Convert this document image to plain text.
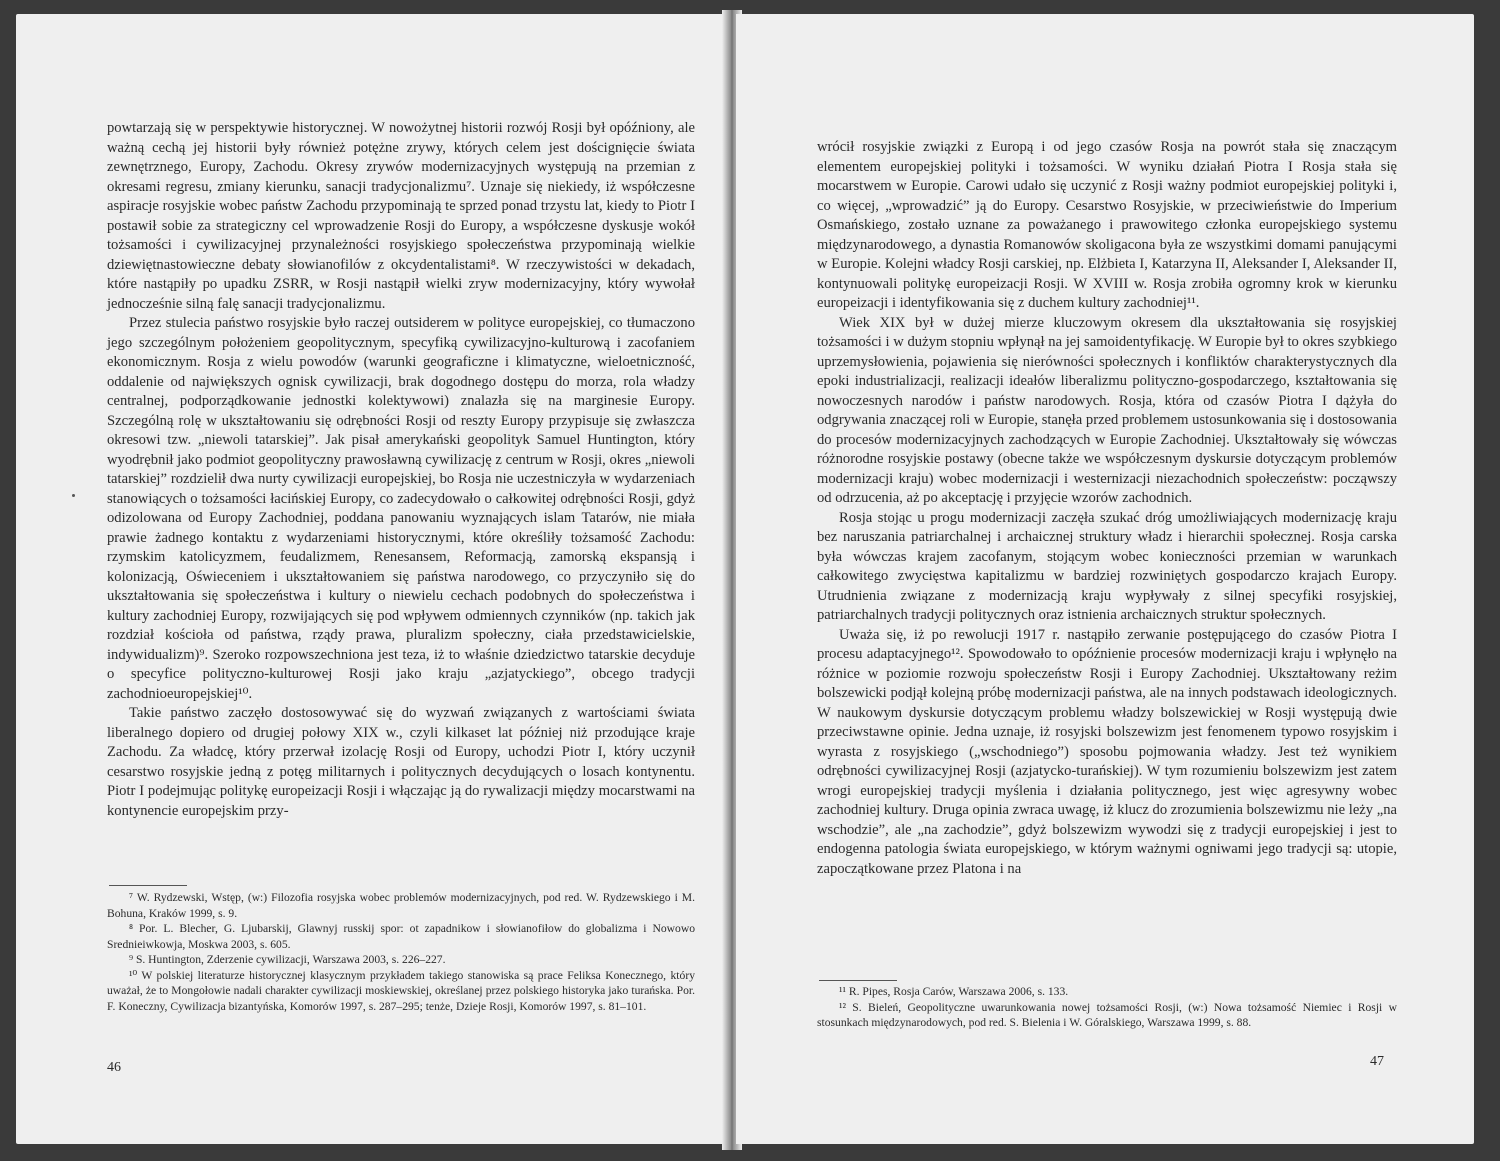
powtarzają się w perspektywie historycznej. W nowożytnej historii rozwój Rosji był opóźniony, ale ważną cechą jej historii były również potężne zrywy, których celem jest doścignięcie świata zewnętrznego, Europy, Zachodu. Okresy zrywów modernizacyjnych występują na przemian z okresami regresu, zmiany kierunku, sanacji tradycjonalizmu⁷. Uznaje się niekiedy, iż współczesne aspiracje rosyjskie wobec państw Zachodu przypominają te sprzed ponad trzystu lat, kiedy to Piotr I postawił sobie za strategiczny cel wprowadzenie Rosji do Europy, a współczesne dyskusje wokół tożsamości i cywilizacyjnej przynależności rosyjskiego społeczeństwa przypominają wielkie dziewiętnastowieczne debaty słowianofilów z okcydentalistami⁸. W rzeczywistości w dekadach, które nastąpiły po upadku ZSRR, w Rosji nastąpił wielki zryw modernizacyjny, który wywołał jednocześnie silną falę sanacji tradycjonalizmu.

Przez stulecia państwo rosyjskie było raczej outsiderem w polityce europejskiej, co tłumaczono jego szczególnym położeniem geopolitycznym, specyfiką cywilizacyjno-kulturową i zacofaniem ekonomicznym. Rosja z wielu powodów (warunki geograficzne i klimatyczne, wieloetniczność, oddalenie od największych ognisk cywilizacji, brak dogodnego dostępu do morza, rola władzy centralnej, podporządkowanie jednostki kolektywowi) znalazła się na marginesie Europy. Szczególną rolę w ukształtowaniu się odrębności Rosji od reszty Europy przypisuje się zwłaszcza okresowi tzw. „niewoli tatarskiej”. Jak pisał amerykański geopolityk Samuel Huntington, który wyodrębnił jako podmiot geopolityczny prawosławną cywilizację z centrum w Rosji, okres „niewoli tatarskiej” rozdzielił dwa nurty cywilizacji europejskiej, bo Rosja nie uczestniczyła w wydarzeniach stanowiących o tożsamości łacińskiej Europy, co zadecydowało o całkowitej odrębności Rosji, gdyż odizolowana od Europy Zachodniej, poddana panowaniu wyznających islam Tatarów, nie miała prawie żadnego kontaktu z wydarzeniami historycznymi, które określiły tożsamość Zachodu: rzymskim katolicyzmem, feudalizmem, Renesansem, Reformacją, zamorską ekspansją i kolonizacją, Oświeceniem i ukształtowaniem się państwa narodowego, co przyczyniło się do ukształtowania się społeczeństwa i kultury o niewielu cechach podobnych do społeczeństwa i kultury zachodniej Europy, rozwijających się pod wpływem odmiennych czynników (np. takich jak rozdział kościoła od państwa, rządy prawa, pluralizm społeczny, ciała przedstawicielskie, indywidualizm)⁹. Szeroko rozpowszechniona jest teza, iż to właśnie dziedzictwo tatarskie decyduje o specyfice polityczno-kulturowej Rosji jako kraju „azjatyckiego”, obcego tradycji zachodnioeuropejskiej¹⁰.

Takie państwo zaczęło dostosowywać się do wyzwań związanych z wartościami świata liberalnego dopiero od drugiej połowy XIX w., czyli kilkaset lat później niż przodujące kraje Zachodu. Za władcę, który przerwał izolację Rosji od Europy, uchodzi Piotr I, który uczynił cesarstwo rosyjskie jedną z potęg militarnych i politycznych decydujących o losach kontynentu. Piotr I podejmując politykę europeizacji Rosji i włączając ją do rywalizacji między mocarstwami na kontynencie europejskim przy-

⁷ W. Rydzewski, Wstęp, (w:) Filozofia rosyjska wobec problemów modernizacyjnych, pod red. W. Rydzewskiego i M. Bohuna, Kraków 1999, s. 9.

⁸ Por. L. Blecher, G. Ljubarskij, Glawnyj russkij spor: ot zapadnikow i słowianofiłow do globalizma i Nowowo Srednieiwkowja, Moskwa 2003, s. 605.

⁹ S. Huntington, Zderzenie cywilizacji, Warszawa 2003, s. 226–227.

¹⁰ W polskiej literaturze historycznej klasycznym przykładem takiego stanowiska są prace Feliksa Konecznego, który uważał, że to Mongołowie nadali charakter cywilizacji moskiewskiej, określanej przez polskiego historyka jako turańska. Por. F. Koneczny, Cywilizacja bizantyńska, Komorów 1997, s. 287–295; tenże, Dzieje Rosji, Komorów 1997, s. 81–101.

46

wrócił rosyjskie związki z Europą i od jego czasów Rosja na powrót stała się znaczącym elementem europejskiej polityki i tożsamości. W wyniku działań Piotra I Rosja stała się mocarstwem w Europie. Carowi udało się uczynić z Rosji ważny podmiot europejskiej polityki i, co więcej, „wprowadzić” ją do Europy. Cesarstwo Rosyjskie, w przeciwieństwie do Imperium Osmańskiego, zostało uznane za poważanego i prawowitego członka europejskiego systemu międzynarodowego, a dynastia Romanowów skoligacona była ze wszystkimi domami panującymi w Europie. Kolejni władcy Rosji carskiej, np. Elżbieta I, Katarzyna II, Aleksander I, Aleksander II, kontynuowali politykę europeizacji Rosji. W XVIII w. Rosja zrobiła ogromny krok w kierunku europeizacji i identyfikowania się z duchem kultury zachodniej¹¹.

Wiek XIX był w dużej mierze kluczowym okresem dla ukształtowania się rosyjskiej tożsamości i w dużym stopniu wpłynął na jej samoidentyfikację. W Europie był to okres szybkiego uprzemysłowienia, pojawienia się nierówności społecznych i konfliktów charakterystycznych dla epoki industrializacji, realizacji ideałów liberalizmu polityczno-gospodarczego, kształtowania się nowoczesnych narodów i państw narodowych. Rosja, która od czasów Piotra I dążyła do odgrywania znaczącej roli w Europie, stanęła przed problemem ustosunkowania się i dostosowania do procesów modernizacyjnych zachodzących w Europie Zachodniej. Ukształtowały się wówczas różnorodne rosyjskie postawy (obecne także we współczesnym dyskursie dotyczącym problemów modernizacji kraju) wobec modernizacji i westernizacji niezachodnich społeczeństw: począwszy od odrzucenia, aż po akceptację i przyjęcie wzorów zachodnich.

Rosja stojąc u progu modernizacji zaczęła szukać dróg umożliwiających modernizację kraju bez naruszania patriarchalnej i archaicznej struktury władz i hierarchii społecznej. Rosja carska była wówczas krajem zacofanym, stojącym wobec konieczności przemian w warunkach całkowitego zwycięstwa kapitalizmu w bardziej rozwiniętych gospodarczo krajach Europy. Utrudnienia związane z modernizacją kraju wypływały z silnej specyfiki rosyjskiej, patriarchalnych tradycji politycznych oraz istnienia archaicznych struktur społecznych.

Uważa się, iż po rewolucji 1917 r. nastąpiło zerwanie postępującego do czasów Piotra I procesu adaptacyjnego¹². Spowodowało to opóźnienie procesów modernizacji kraju i wpłynęło na różnice w poziomie rozwoju społeczeństw Rosji i Europy Zachodniej. Ukształtowany reżim bolszewicki podjął kolejną próbę modernizacji państwa, ale na innych podstawach ideologicznych. W naukowym dyskursie dotyczącym problemu władzy bolszewickiej w Rosji występują dwie przeciwstawne opinie. Jedna uznaje, iż rosyjski bolszewizm jest fenomenem typowo rosyjskim i wyrasta z rosyjskiego („wschodniego”) sposobu pojmowania władzy. Jest też wynikiem odrębności cywilizacyjnej Rosji (azjatycko-turańskiej). W tym rozumieniu bolszewizm jest zatem wrogi europejskiej tradycji myślenia i działania politycznego, jest więc agresywny wobec zachodniej kultury. Druga opinia zwraca uwagę, iż klucz do zrozumienia bolszewizmu nie leży „na wschodzie”, ale „na zachodzie”, gdyż bolszewizm wywodzi się z tradycji europejskiej i jest to endogenna patologia świata europejskiego, w którym ważnymi ogniwami jego tradycji są: utopie, zapoczątkowane przez Platona i na

¹¹ R. Pipes, Rosja Carów, Warszawa 2006, s. 133.

¹² S. Bieleń, Geopolityczne uwarunkowania nowej tożsamości Rosji, (w:) Nowa tożsamość Niemiec i Rosji w stosunkach międzynarodowych, pod red. S. Bielenia i W. Góralskiego, Warszawa 1999, s. 88.

47
